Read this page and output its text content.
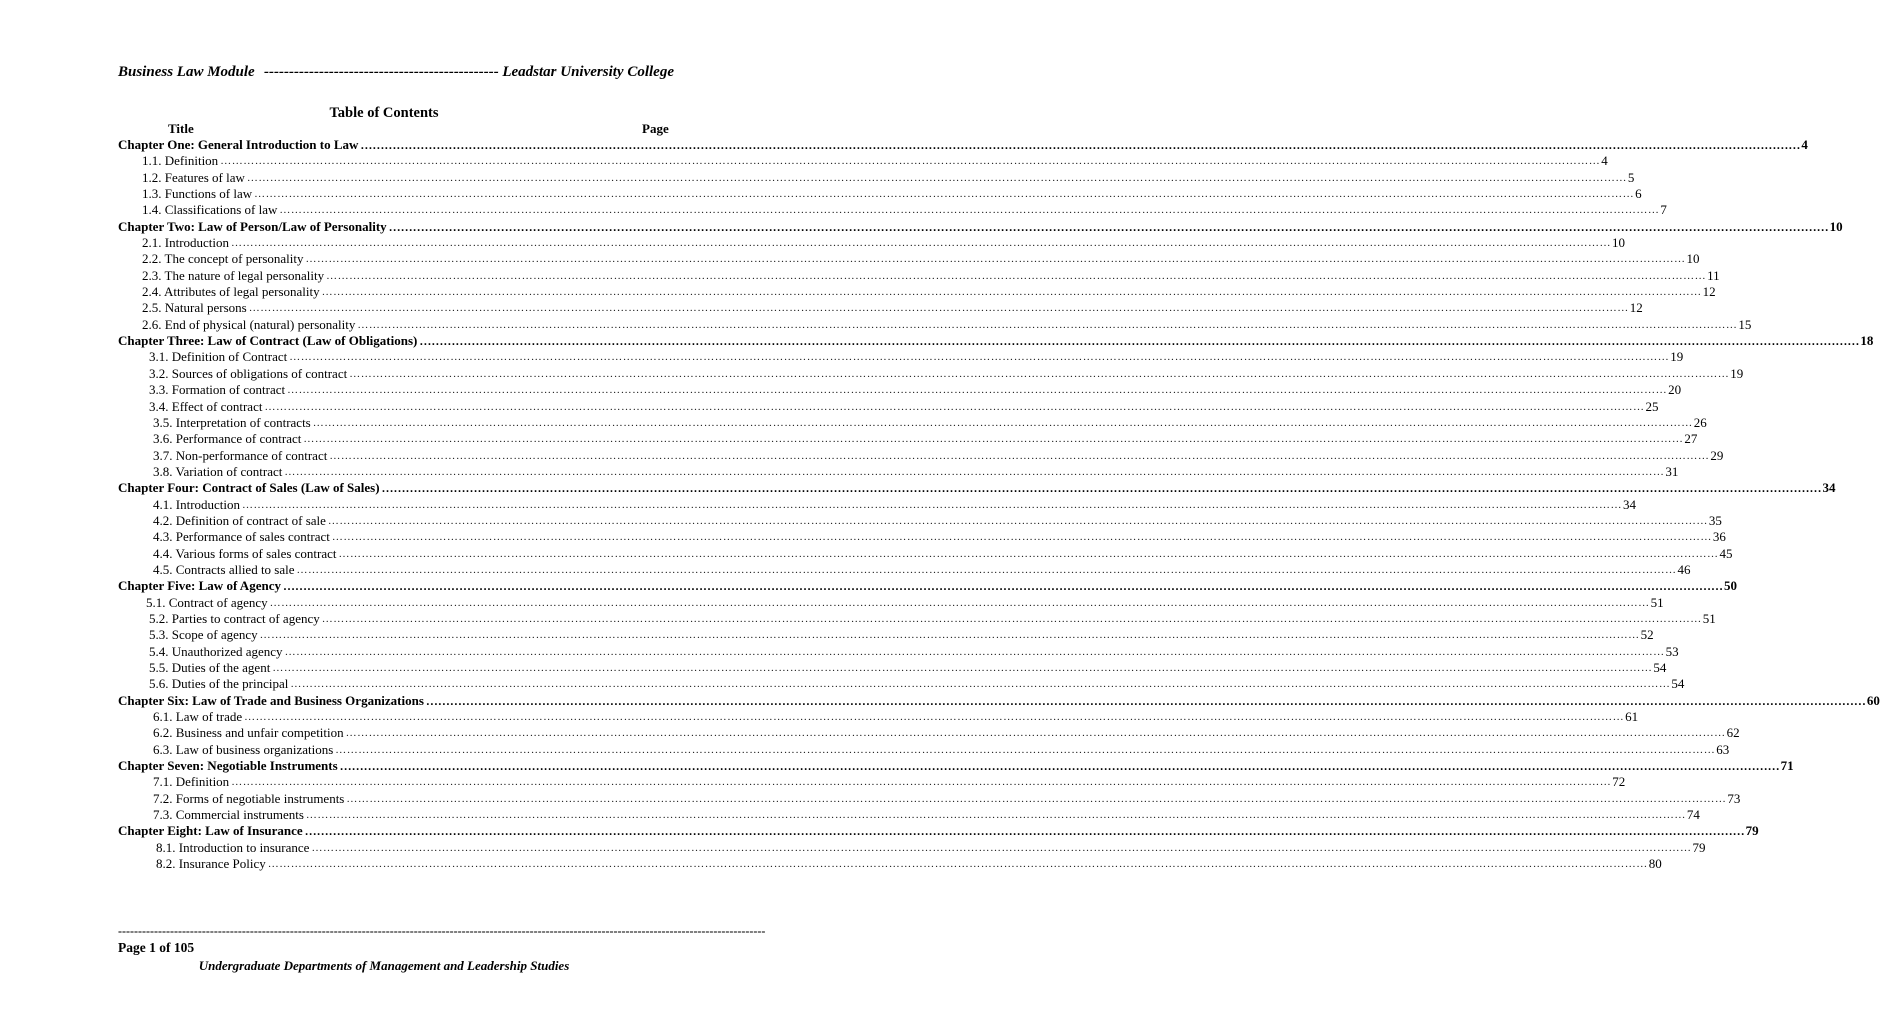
Business Law Module ----------------------------------------------- Leadstar University College
Table of Contents
Title	Page
Chapter One: General Introduction to Law ……………………………………………………………………………………………………………………………………………………………………………………………………………………………………………………………………………………………………………………………… 4
1.1. Definition ……………………………………………………………………………………………………………………………………………………………………………………………………………………………………………………………………………………………………………………………… 4
1.2. Features of law ……………………………………………………………………………………………………………………………………………………………………………………………………………………………………………………………………………………………………………………………… 5
1.3. Functions of law ……………………………………………………………………………………………………………………………………………………………………………………………………………………………………………………………………………………………………………………………… 6
1.4. Classifications of law ……………………………………………………………………………………………………………………………………………………………………………………………………………………………………………………………………………………………………………………………… 7
Chapter Two: Law of Person/Law of Personality ……………………………………………………………………………………………………………………………………………………………………………………………………………………………………………………………………………………………………………………………… 10
2.1. Introduction ……………………………………………………………………………………………………………………………………………………………………………………………………………………………………………………………………………………………………………………………… 10
2.2. The concept of personality ……………………………………………………………………………………………………………………………………………………………………………………………………………………………………………………………………………………………………………………………… 10
2.3. The nature of legal personality ……………………………………………………………………………………………………………………………………………………………………………………………………………………………………………………………………………………………………………………………… 11
2.4. Attributes of legal personality ……………………………………………………………………………………………………………………………………………………………………………………………………………………………………………………………………………………………………………………………… 12
2.5. Natural persons ……………………………………………………………………………………………………………………………………………………………………………………………………………………………………………………………………………………………………………………………… 12
2.6. End of physical (natural) personality ……………………………………………………………………………………………………………………………………………………………………………………………………………………………………………………………………………………………………………………………… 15
Chapter Three: Law of Contract (Law of Obligations) ……………………………………………………………………………………………………………………………………………………………………………………………………………………………………………………………………………………………………………………………… 18
3.1. Definition of Contract ……………………………………………………………………………………………………………………………………………………………………………………………………………………………………………………………………………………………………………………………… 19
3.2. Sources of obligations of contract ……………………………………………………………………………………………………………………………………………………………………………………………………………………………………………………………………………………………………………………………… 19
3.3. Formation of contract ……………………………………………………………………………………………………………………………………………………………………………………………………………………………………………………………………………………………………………………………… 20
3.4. Effect of contract ……………………………………………………………………………………………………………………………………………………………………………………………………………………………………………………………………………………………………………………………… 25
3.5. Interpretation of contracts ……………………………………………………………………………………………………………………………………………………………………………………………………………………………………………………………………………………………………………………………… 26
3.6. Performance of contract ……………………………………………………………………………………………………………………………………………………………………………………………………………………………………………………………………………………………………………………………… 27
3.7. Non-performance of contract ……………………………………………………………………………………………………………………………………………………………………………………………………………………………………………………………………………………………………………………………… 29
3.8. Variation of contract ……………………………………………………………………………………………………………………………………………………………………………………………………………………………………………………………………………………………………………………………… 31
Chapter Four: Contract of Sales (Law of Sales) ……………………………………………………………………………………………………………………………………………………………………………………………………………………………………………………………………………………………………………………………… 34
4.1. Introduction ……………………………………………………………………………………………………………………………………………………………………………………………………………………………………………………………………………………………………………………………… 34
4.2. Definition of contract of sale ……………………………………………………………………………………………………………………………………………………………………………………………………………………………………………………………………………………………………………………………… 35
4.3. Performance of sales contract ……………………………………………………………………………………………………………………………………………………………………………………………………………………………………………………………………………………………………………………………… 36
4.4. Various forms of sales contract ……………………………………………………………………………………………………………………………………………………………………………………………………………………………………………………………………………………………………………………………… 45
4.5. Contracts allied to sale ……………………………………………………………………………………………………………………………………………………………………………………………………………………………………………………………………………………………………………………………… 46
Chapter Five: Law of Agency ……………………………………………………………………………………………………………………………………………………………………………………………………………………………………………………………………………………………………………………………… 50
5.1. Contract of agency ……………………………………………………………………………………………………………………………………………………………………………………………………………………………………………………………………………………………………………………………… 51
5.2. Parties to contract of agency ……………………………………………………………………………………………………………………………………………………………………………………………………………………………………………………………………………………………………………………………… 51
5.3. Scope of agency ……………………………………………………………………………………………………………………………………………………………………………………………………………………………………………………………………………………………………………………………… 52
5.4. Unauthorized agency ……………………………………………………………………………………………………………………………………………………………………………………………………………………………………………………………………………………………………………………………… 53
5.5. Duties of the agent ……………………………………………………………………………………………………………………………………………………………………………………………………………………………………………………………………………………………………………………………… 54
5.6. Duties of the principal ……………………………………………………………………………………………………………………………………………………………………………………………………………………………………………………………………………………………………………………………… 54
Chapter Six: Law of Trade and Business Organizations ……………………………………………………………………………………………………………………………………………………………………………………………………………………………………………………………………………………………………………………………… 60
6.1. Law of trade ……………………………………………………………………………………………………………………………………………………………………………………………………………………………………………………………………………………………………………………………… 61
6.2. Business and unfair competition ……………………………………………………………………………………………………………………………………………………………………………………………………………………………………………………………………………………………………………………………… 62
6.3. Law of business organizations ……………………………………………………………………………………………………………………………………………………………………………………………………………………………………………………………………………………………………………………………… 63
Chapter Seven: Negotiable Instruments ……………………………………………………………………………………………………………………………………………………………………………………………………………………………………………………………………………………………………………………………… 71
7.1. Definition ……………………………………………………………………………………………………………………………………………………………………………………………………………………………………………………………………………………………………………………………… 72
7.2. Forms of negotiable instruments ……………………………………………………………………………………………………………………………………………………………………………………………………………………………………………………………………………………………………………………………… 73
7.3. Commercial instruments ……………………………………………………………………………………………………………………………………………………………………………………………………………………………………………………………………………………………………………………………… 74
Chapter Eight: Law of Insurance ……………………………………………………………………………………………………………………………………………………………………………………………………………………………………………………………………………………………………………………………… 79
8.1. Introduction to insurance ……………………………………………………………………………………………………………………………………………………………………………………………………………………………………………………………………………………………………………………………… 79
8.2. Insurance Policy ……………………………………………………………………………………………………………………………………………………………………………………………………………………………………………………………………………………………………………………………… 80
------------------------------------------------------------------------------------------------------------------------------------------------------------------
Page 1 of 105
Undergraduate Departments of Management and Leadership Studies
